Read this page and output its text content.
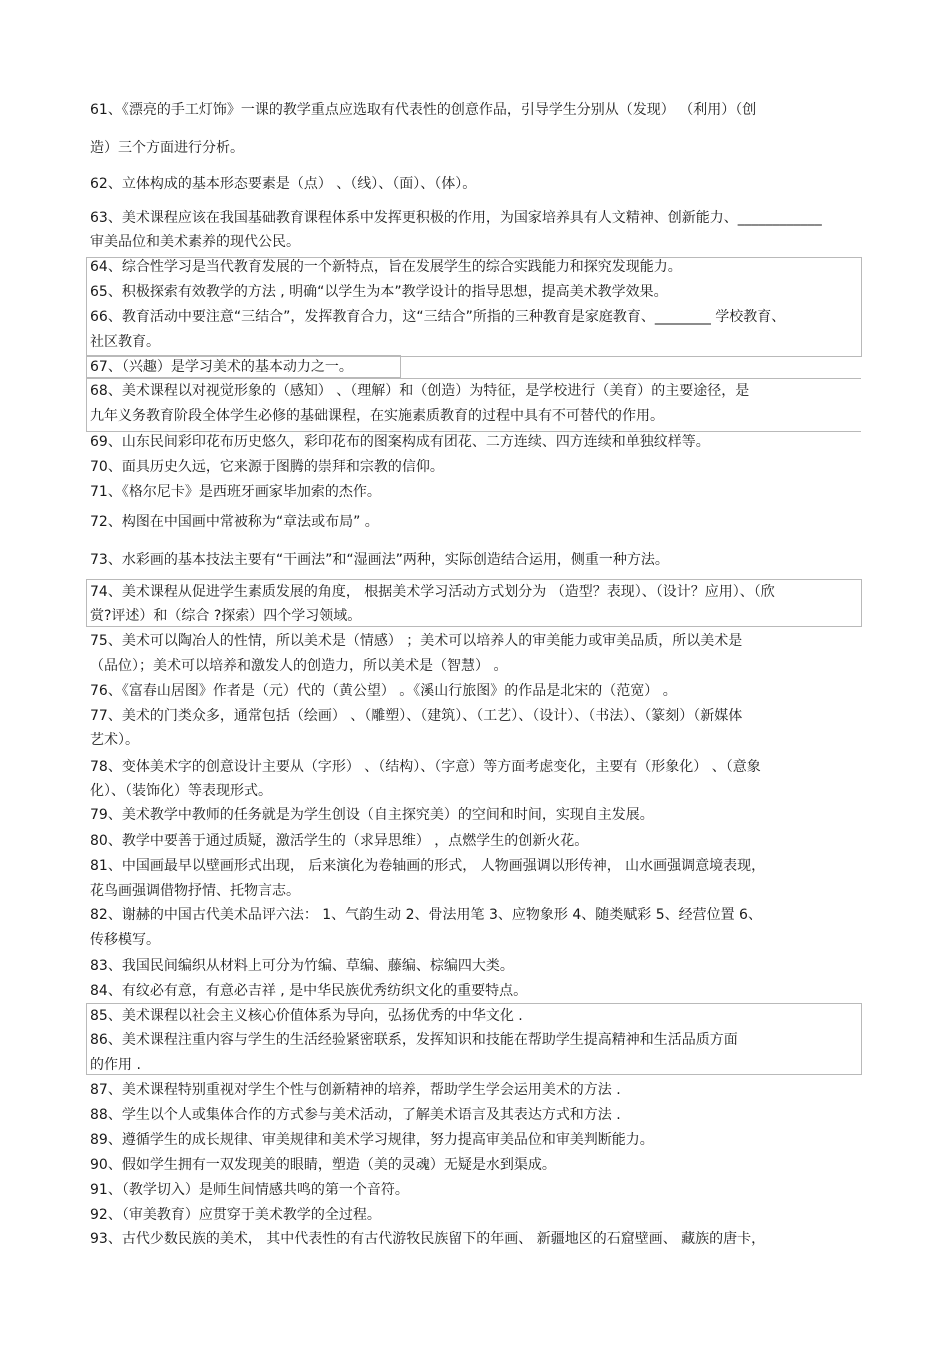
61、《漂亮的手工灯饰》一课的教学重点应选取有代表性的创意作品，引导学生分别从（发现） （利用）（创

造）三个方面进行分析。

62、立体构成的基本形态要素是（点） 、（线）、（面）、（体）。

63、美术课程应该在我国基础教育课程体系中发挥更积极的作用，为国家培养具有人文精神、创新能力、____________

审美品位和美术素养的现代公民。

64、综合性学习是当代教育发展的一个新特点，旨在发展学生的综合实践能力和探究发现能力。

65、积极探索有效教学的方法 , 明确“以学生为本”教学设计的指导思想，提高美术教学效果。

66、教育活动中要注意“三结合”，发挥教育合力，这“三结合”所指的三种教育是家庭教育、________ 学校教育、

社区教育。

67、（兴趣）是学习美术的基本动力之一。

68、美术课程以对视觉形象的（感知） 、（理解）和（创造）为特征，是学校进行（美育）的主要途径，是

九年义务教育阶段全体学生必修的基础课程，在实施素质教育的过程中具有不可替代的作用。

69、山东民间彩印花布历史悠久，彩印花布的图案构成有团花、二方连续、四方连续和单独纹样等。

70、面具历史久远，它来源于图腾的崇拜和宗教的信仰。

71、《格尔尼卡》是西班牙画家毕加索的杰作。

72、构图在中国画中常被称为“章法或布局” 。

73、水彩画的基本技法主要有“干画法”和“湿画法”两种，实际创造结合运用，侧重一种方法。

74、美术课程从促进学生素质发展的角度， 根据美术学习活动方式划分为 （造型？表现）、（设计？应用）、（欣

赏?评述）和（综合 ?探索）四个学习领域。

75、美术可以陶冶人的性情，所以美术是（情感） ；美术可以培养人的审美能力或审美品质，所以美术是

（品位）；美术可以培养和激发人的创造力，所以美术是（智慧） 。

76、《富春山居图》作者是（元）代的（黄公望） 。《溪山行旅图》的作品是北宋的（范宽） 。

77、美术的门类众多，通常包括（绘画） 、（雕塑）、（建筑）、（工艺）、（设计）、（书法）、（篆刻）（新媒体

艺术）。

78、变体美术字的创意设计主要从（字形） 、（结构）、（字意）等方面考虑变化，主要有（形象化） 、（意象

化）、（装饰化）等表现形式。

79、美术教学中教师的任务就是为学生创设（自主探究美）的空间和时间，实现自主发展。

80、教学中要善于通过质疑，激活学生的（求异思维） ，点燃学生的创新火花。

81、中国画最早以壁画形式出现， 后来演化为卷轴画的形式， 人物画强调以形传神， 山水画强调意境表现，

花鸟画强调借物抒情、托物言志。

82、谢赫的中国古代美术品评六法： 1、气韵生动 2、骨法用笔 3、应物象形 4、随类赋彩 5、经营位置 6、

传移模写。

83、我国民间编织从材料上可分为竹编、草编、藤编、棕编四大类。

84、有纹必有意，有意必吉祥 , 是中华民族优秀纺织文化的重要特点。

85、美术课程以社会主义核心价值体系为导向，弘扬优秀的中华文化 .

86、美术课程注重内容与学生的生活经验紧密联系，发挥知识和技能在帮助学生提高精神和生活品质方面

的作用 .

87、美术课程特别重视对学生个性与创新精神的培养，帮助学生学会运用美术的方法 .

88、学生以个人或集体合作的方式参与美术活动，了解美术语言及其表达方式和方法 .

89、遵循学生的成长规律、审美规律和美术学习规律，努力提高审美品位和审美判断能力。

90、假如学生拥有一双发现美的眼睛，塑造（美的灵魂）无疑是水到渠成。

91、（教学切入）是师生间情感共鸣的第一个音符。

92、（审美教育）应贯穿于美术教学的全过程。

93、古代少数民族的美术， 其中代表性的有古代游牧民族留下的年画、 新疆地区的石窟壁画、 藏族的唐卡，
